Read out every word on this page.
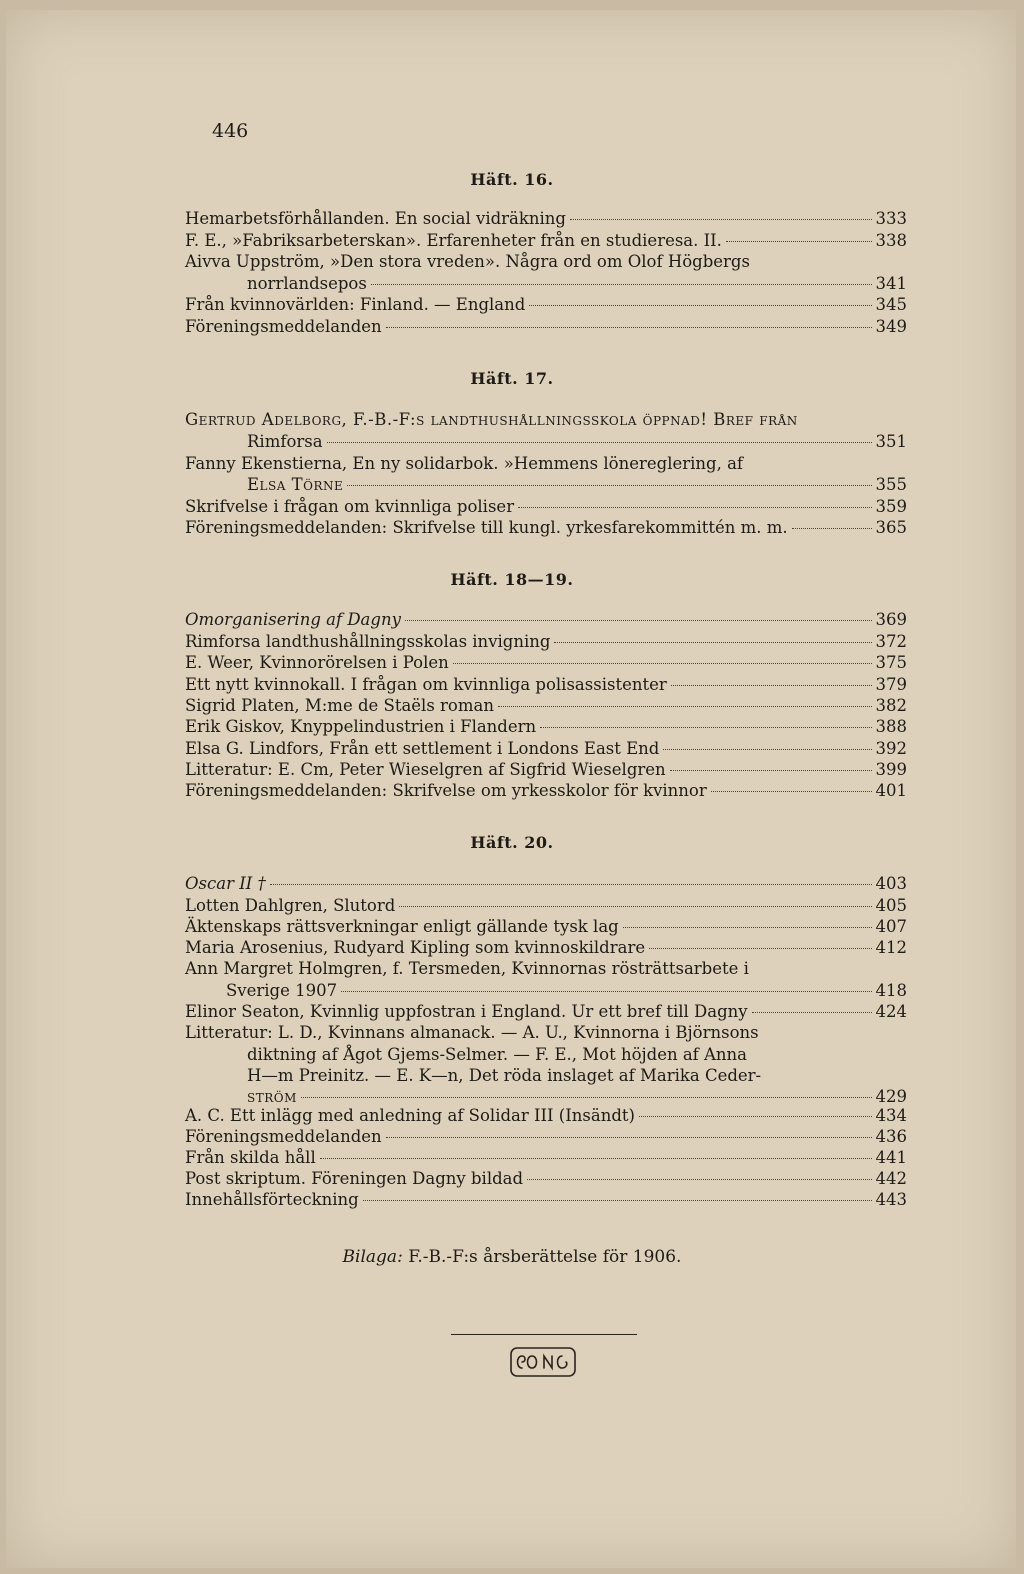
446
Häft. 16.
Hemarbetsförhållanden. En social vidräkning	333
F. E., »Fabriksarbeterskan». Erfarenheter från en studieresa. II.	338
Aivva Uppström, »Den stora vreden». Några ord om Olof Högbergs
norrlandsepos	341
Från kvinnovärlden: Finland. — England	345
Föreningsmeddelanden	349
Häft. 17.
Gertrud Adelborg, F.-B.-F:s landthushållningsskola öppnad! Bref från
Rimforsa	351
Fanny Ekenstierna, En ny solidarbok. »Hemmens lönereglering, af
Elsa Törne	355
Skrifvelse i frågan om kvinnliga poliser	359
Föreningsmeddelanden: Skrifvelse till kungl. yrkesfarekommittén m. m.	365
Häft. 18—19.
Omorganisering af Dagny	369
Rimforsa landthushållningsskolas invigning	372
E. Weer, Kvinnorörelsen i Polen	375
Ett nytt kvinnokall. I frågan om kvinnliga polisassistenter	379
Sigrid Platen, M:me de Staëls roman	382
Erik Giskov, Knyppelindustrien i Flandern	388
Elsa G. Lindfors, Från ett settlement i Londons East End	392
Litteratur: E. Cm, Peter Wieselgren af Sigfrid Wieselgren	399
Föreningsmeddelanden: Skrifvelse om yrkesskolor för kvinnor	401
Häft. 20.
Oscar II †	403
Lotten Dahlgren, Slutord	405
Äktenskaps rättsverkningar enligt gällande tysk lag	407
Maria Arosenius, Rudyard Kipling som kvinnoskildrare	412
Ann Margret Holmgren, f. Tersmeden, Kvinnornas rösträttsarbete i
Sverige 1907	418
Elinor Seaton, Kvinnlig uppfostran i England. Ur ett bref till Dagny	424
Litteratur: L. D., Kvinnans almanack. — A. U., Kvinnorna i Björnsons
diktning af Ågot Gjems-Selmer. — F. E., Mot höjden af Anna
H—m Preinitz. — E. K—n, Det röda inslaget af Marika Ceder-
ström	429
A. C. Ett inlägg med anledning af Solidar III (Insändt)	434
Föreningsmeddelanden	436
Från skilda håll	441
Post skriptum. Föreningen Dagny bildad	442
Innehållsförteckning	443
Bilaga: F.-B.-F:s årsberättelse för 1906.
